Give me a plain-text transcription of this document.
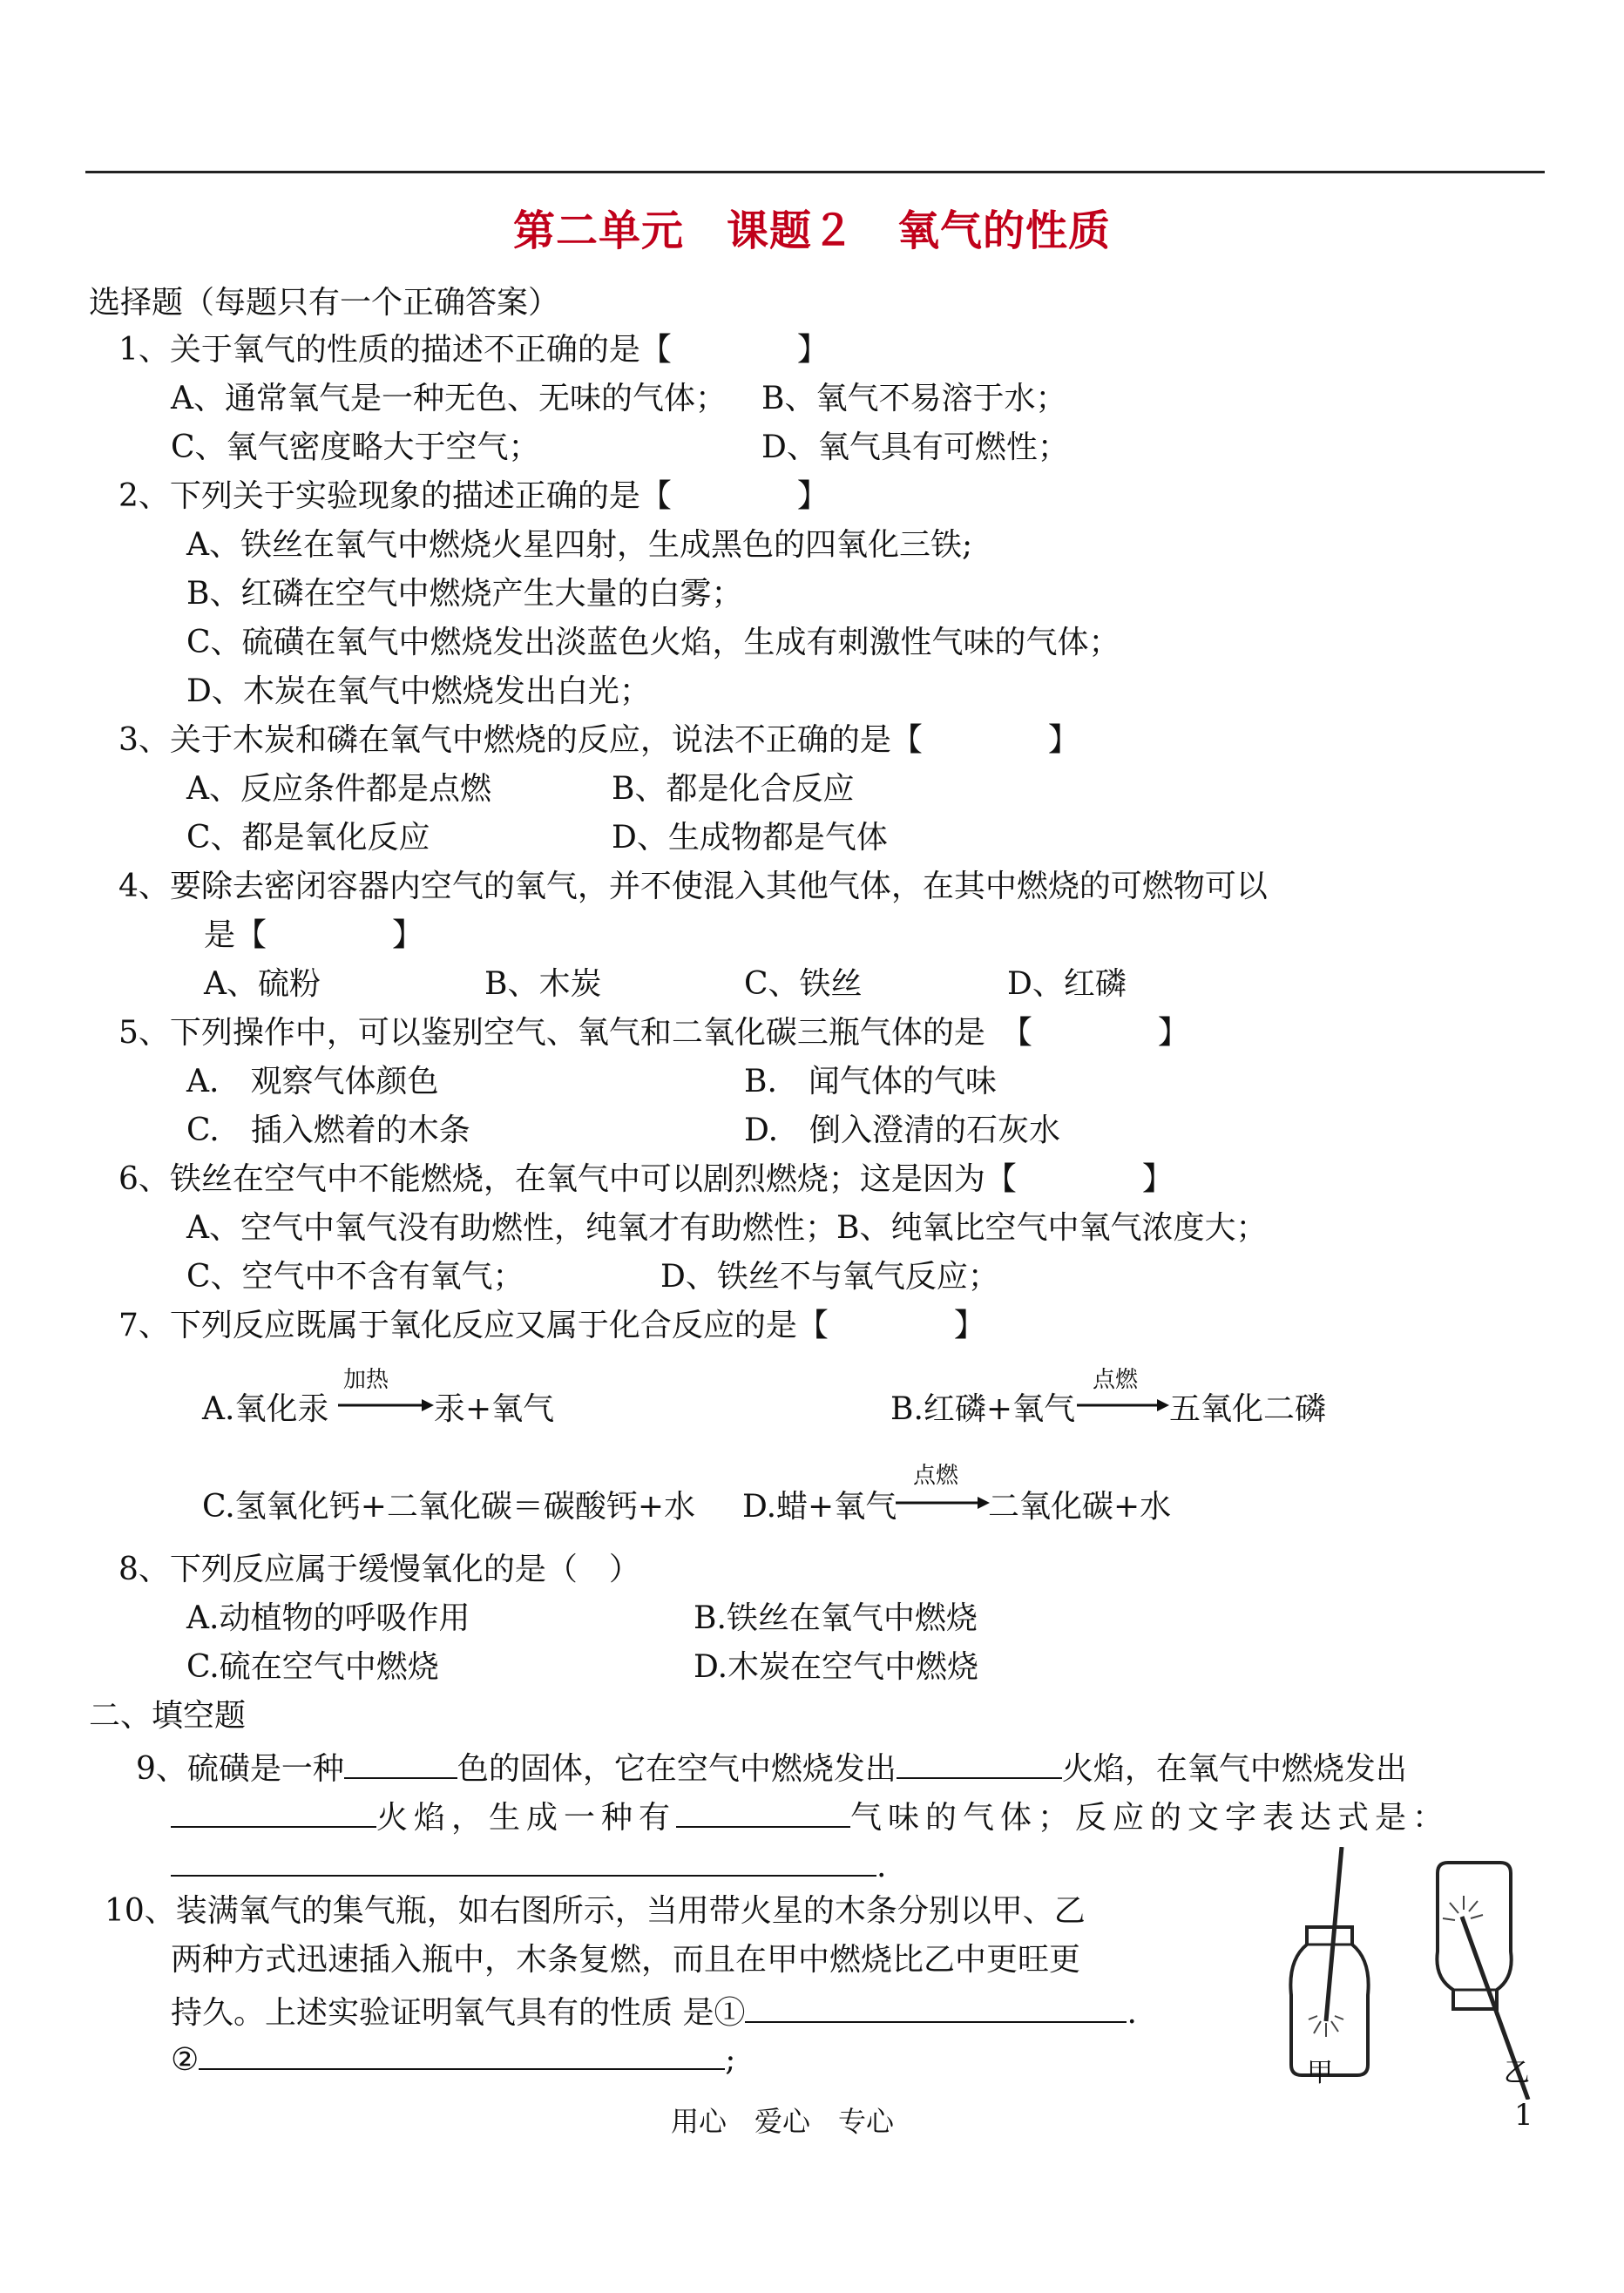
第二单元　课题２　氧气的性质
选择题（每题只有一个正确答案）
1、关于氧气的性质的描述不正确的是【　　　　】
A、通常氧气是一种无色、无味的气体； B、氧气不易溶于水；
C、氧气密度略大于空气；	D、氧气具有可燃性；
2、下列关于实验现象的描述正确的是【　　　　】
A、铁丝在氧气中燃烧火星四射，生成黑色的四氧化三铁;
B、红磷在空气中燃烧产生大量的白雾；
C、硫磺在氧气中燃烧发出淡蓝色火焰，生成有刺激性气味的气体；
D、木炭在氧气中燃烧发出白光；
3、关于木炭和磷在氧气中燃烧的反应，说法不正确的是【　　　　】
A、反应条件都是点燃	B、都是化合反应
C、都是氧化反应	D、生成物都是气体
4、要除去密闭容器内空气的氧气，并不使混入其他气体，在其中燃烧的可燃物可以
是【　　　　】
A、硫粉	B、木炭	C、铁丝	D、红磷
5、下列操作中，可以鉴别空气、氧气和二氧化碳三瓶气体的是　【　　　　】
A.　观察气体颜色	B.　闻气体的气味
C.　插入燃着的木条	D.　倒入澄清的石灰水
6、铁丝在空气中不能燃烧，在氧气中可以剧烈燃烧；这是因为【　　　　】
A、空气中氧气没有助燃性，纯氧才有助燃性；B、纯氧比空气中氧气浓度大；
C、空气中不含有氧气；	D、铁丝不与氧气反应；
7、下列反应既属于氧化反应又属于化合反应的是【　　　　】
A.氧化汞
加热
汞+氧气	B.红磷+氧气
点燃
五氧化二磷
C.氢氧化钙+二氧化碳＝碳酸钙+水 D.蜡+氧气
点燃
二氧化碳+水
8、下列反应属于缓慢氧化的是（　）
A.动植物的呼吸作用	B.铁丝在氧气中燃烧
C.硫在空气中燃烧	D.木炭在空气中燃烧
二、填空题
9、硫磺是一种	色的固体，它在空气中燃烧发出	火焰，在氧气中燃烧发出
火焰，生成一种有	气味的气体；反应的文字表达式是：
.
10、装满氧气的集气瓶，如右图所示，当用带火星的木条分别以甲、乙
两种方式迅速插入瓶中，木条复燃，而且在甲中燃烧比乙中更旺更
持久。上述实验证明氧气具有的性质 是①	.
②	;	甲	乙
用心　爱心　专心	1
